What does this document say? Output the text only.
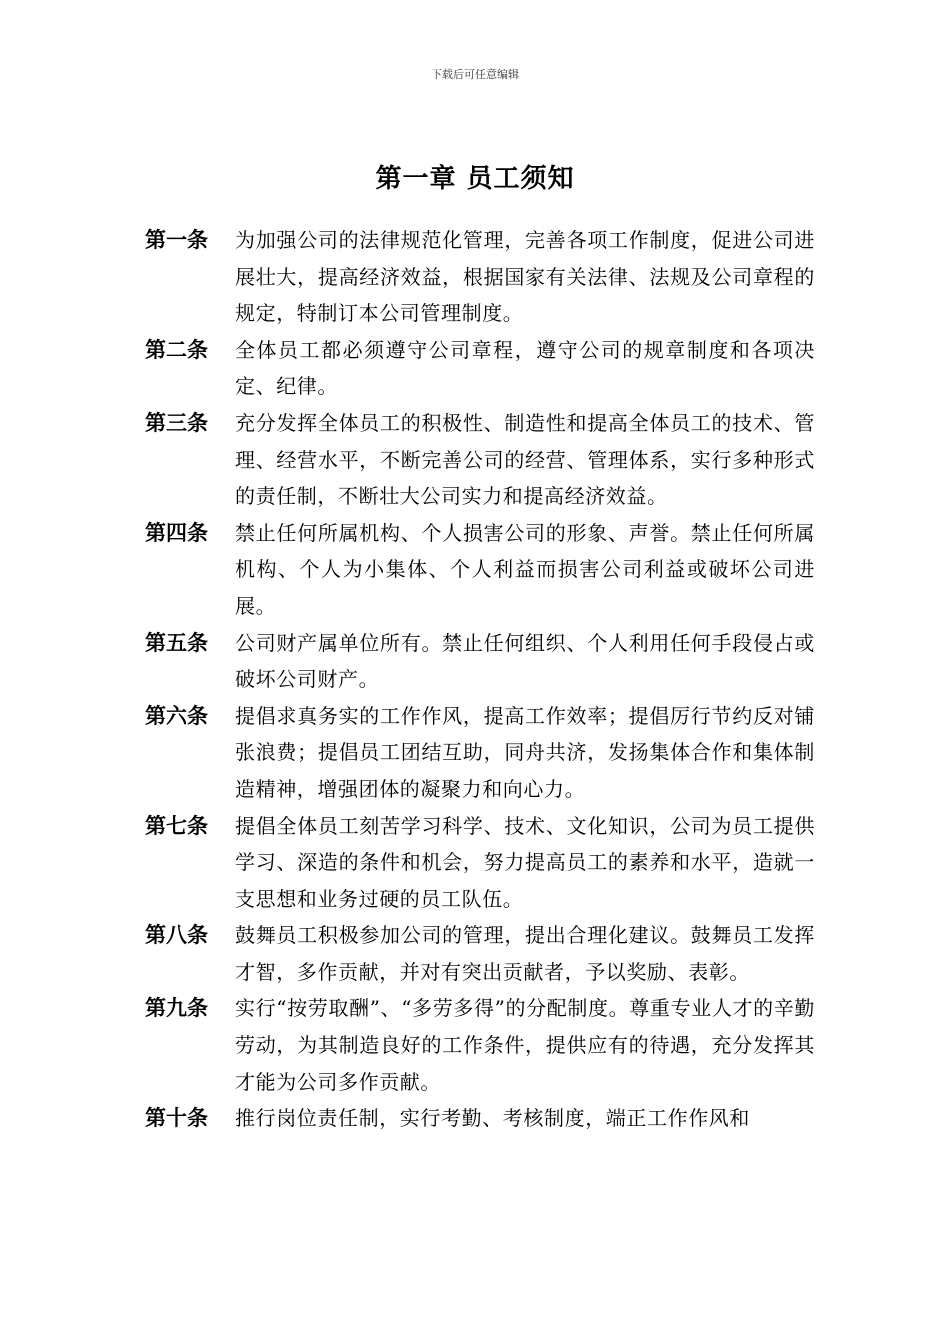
下载后可任意编辑
第一章 员工须知
第一条	为加强公司的法律规范化管理，完善各项工作制度，促进公司进展壮大，提高经济效益，根据国家有关法律、法规及公司章程的规定，特制订本公司管理制度。
第二条	全体员工都必须遵守公司章程，遵守公司的规章制度和各项决定、纪律。
第三条	充分发挥全体员工的积极性、制造性和提高全体员工的技术、管理、经营水平，不断完善公司的经营、管理体系，实行多种形式的责任制，不断壮大公司实力和提高经济效益。
第四条	禁止任何所属机构、个人损害公司的形象、声誉。禁止任何所属机构、个人为小集体、个人利益而损害公司利益或破坏公司进展。
第五条	公司财产属单位所有。禁止任何组织、个人利用任何手段侵占或破坏公司财产。
第六条	提倡求真务实的工作作风，提高工作效率；提倡厉行节约反对铺张浪费；提倡员工团结互助，同舟共济，发扬集体合作和集体制造精神，增强团体的凝聚力和向心力。
第七条	提倡全体员工刻苦学习科学、技术、文化知识，公司为员工提供学习、深造的条件和机会，努力提高员工的素养和水平，造就一支思想和业务过硬的员工队伍。
第八条	鼓舞员工积极参加公司的管理，提出合理化建议。鼓舞员工发挥才智，多作贡献，并对有突出贡献者，予以奖励、表彰。
第九条	实行“按劳取酬”、“多劳多得”的分配制度。尊重专业人才的辛勤劳动，为其制造良好的工作条件，提供应有的待遇，充分发挥其才能为公司多作贡献。
第十条	推行岗位责任制，实行考勤、考核制度，端正工作作风和
